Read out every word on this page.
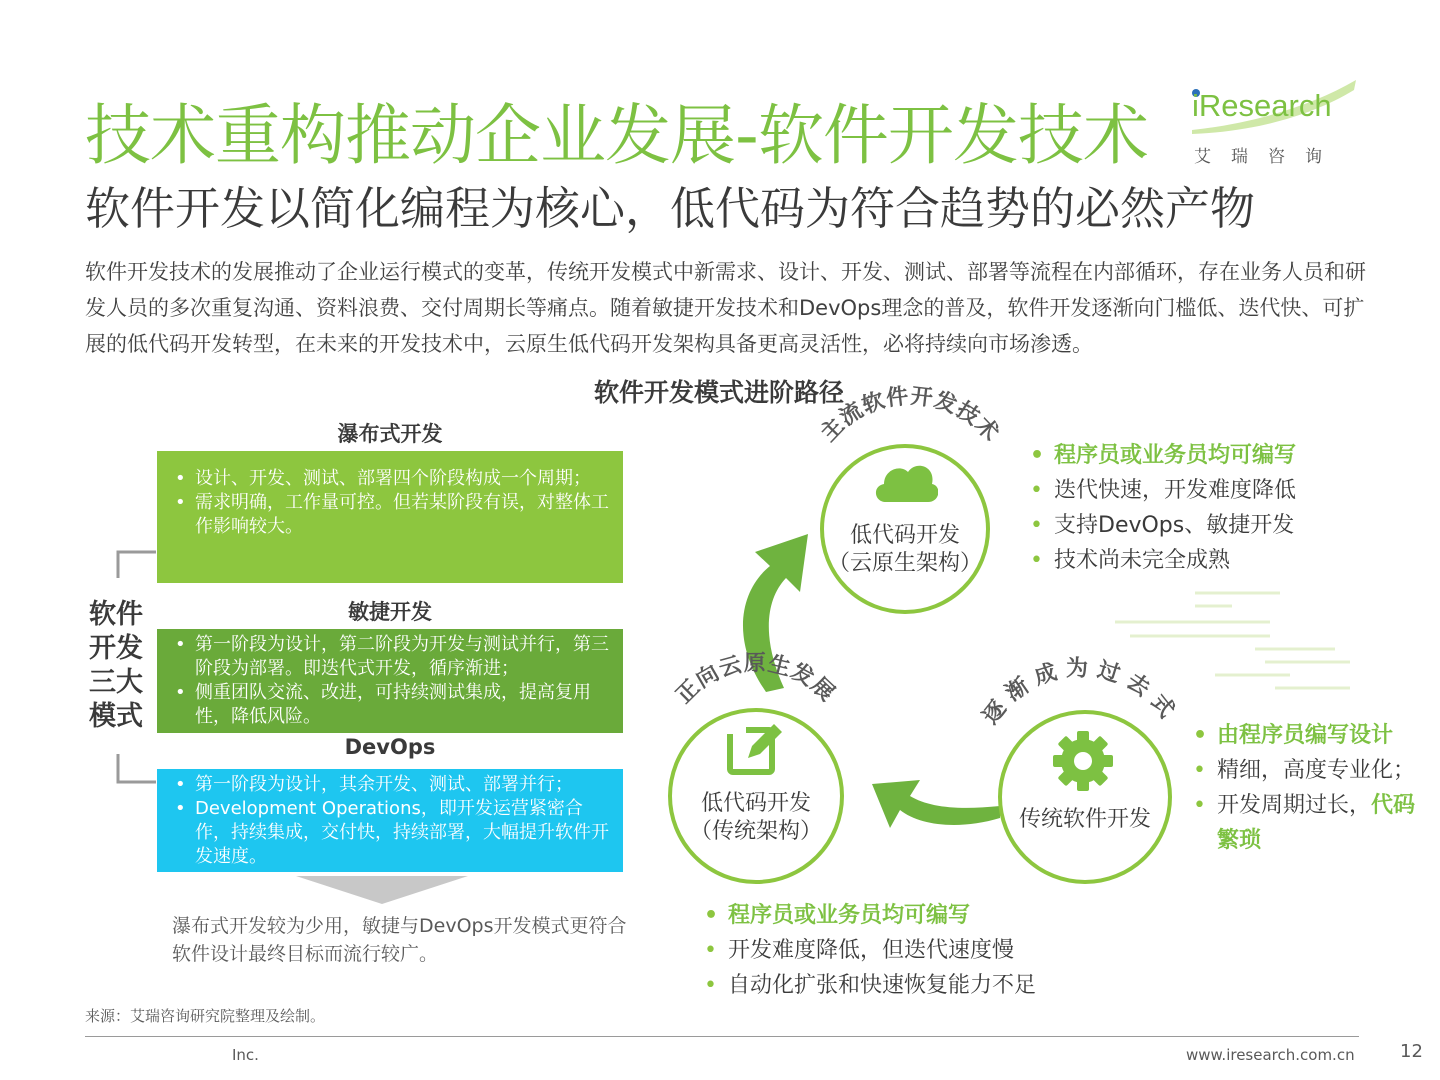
技术重构推动企业发展-软件开发技术
软件开发以简化编程为核心，低代码为符合趋势的必然产物
iResearch
艾瑞咨询
软件开发技术的发展推动了企业运行模式的变革，传统开发模式中新需求、设计、开发、测试、部署等流程在内部循环，存在业务人员和研发人员的多次重复沟通、资料浪费、交付周期长等痛点。随着敏捷开发技术和DevOps理念的普及，软件开发逐渐向门槛低、迭代快、可扩展的低代码开发转型，在未来的开发技术中，云原生低代码开发架构具备更高灵活性，必将持续向市场渗透。
软件开发模式进阶路径
瀑布式开发
• 设计、开发、测试、部署四个阶段构成一个周期；
• 需求明确，工作量可控。但若某阶段有误，对整体工作影响较大。
敏捷开发
• 第一阶段为设计，第二阶段为开发与测试并行，第三阶段为部署。即迭代式开发，循序渐进；
• 侧重团队交流、改进，可持续测试集成，提高复用性，降低风险。
DevOps
• 第一阶段为设计，其余开发、测试、部署并行；
• Development Operations，即开发运营紧密合作，持续集成，交付快，持续部署，大幅提升软件开发速度。
软件开发三大模式
瀑布式开发较为少用，敏捷与DevOps开发模式更符合软件设计最终目标而流行较广。
主流软件开发技术
正向云原生发展
逐渐成为过去式
低代码开发
（云原生架构）
• 程序员或业务员均可编写
• 迭代快速，开发难度降低
• 支持DevOps、敏捷开发
• 技术尚未完全成熟
低代码开发
（传统架构）
• 程序员或业务员均可编写
• 开发难度降低，但迭代速度慢
• 自动化扩张和快速恢复能力不足
传统软件开发
• 由程序员编写设计
• 精细，高度专业化；
• 开发周期过长，代码繁琐
来源：艾瑞咨询研究院整理及绘制。
Inc.	www.iresearch.com.cn	12
